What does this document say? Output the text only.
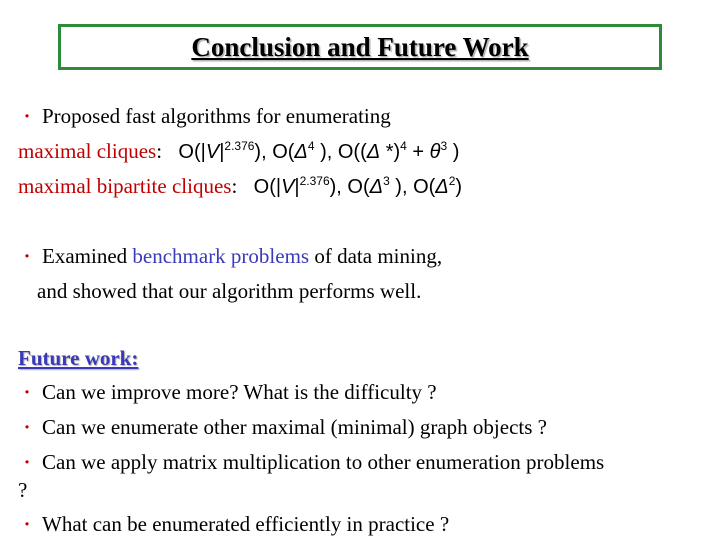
Conclusion and Future Work
・ Proposed fast algorithms for enumerating
maximal cliques:   $O(|V|^{2.376})$, $O(\Delta^4$ ), O((Δ $*)^4 + \theta^3$ )
maximal bipartite cliques:   $O(|V|^{2.376})$, $O(\Delta^3$ ), $O(\Delta^2)$
・ Examined benchmark problems of data mining,
and showed that our algorithm performs well.
Future work:
・ Can we improve more? What is the difficulty ?
・ Can we enumerate other maximal (minimal) graph objects ?
・ Can we apply matrix multiplication to other enumeration problems
?
・ What can be enumerated efficiently in practice ?
